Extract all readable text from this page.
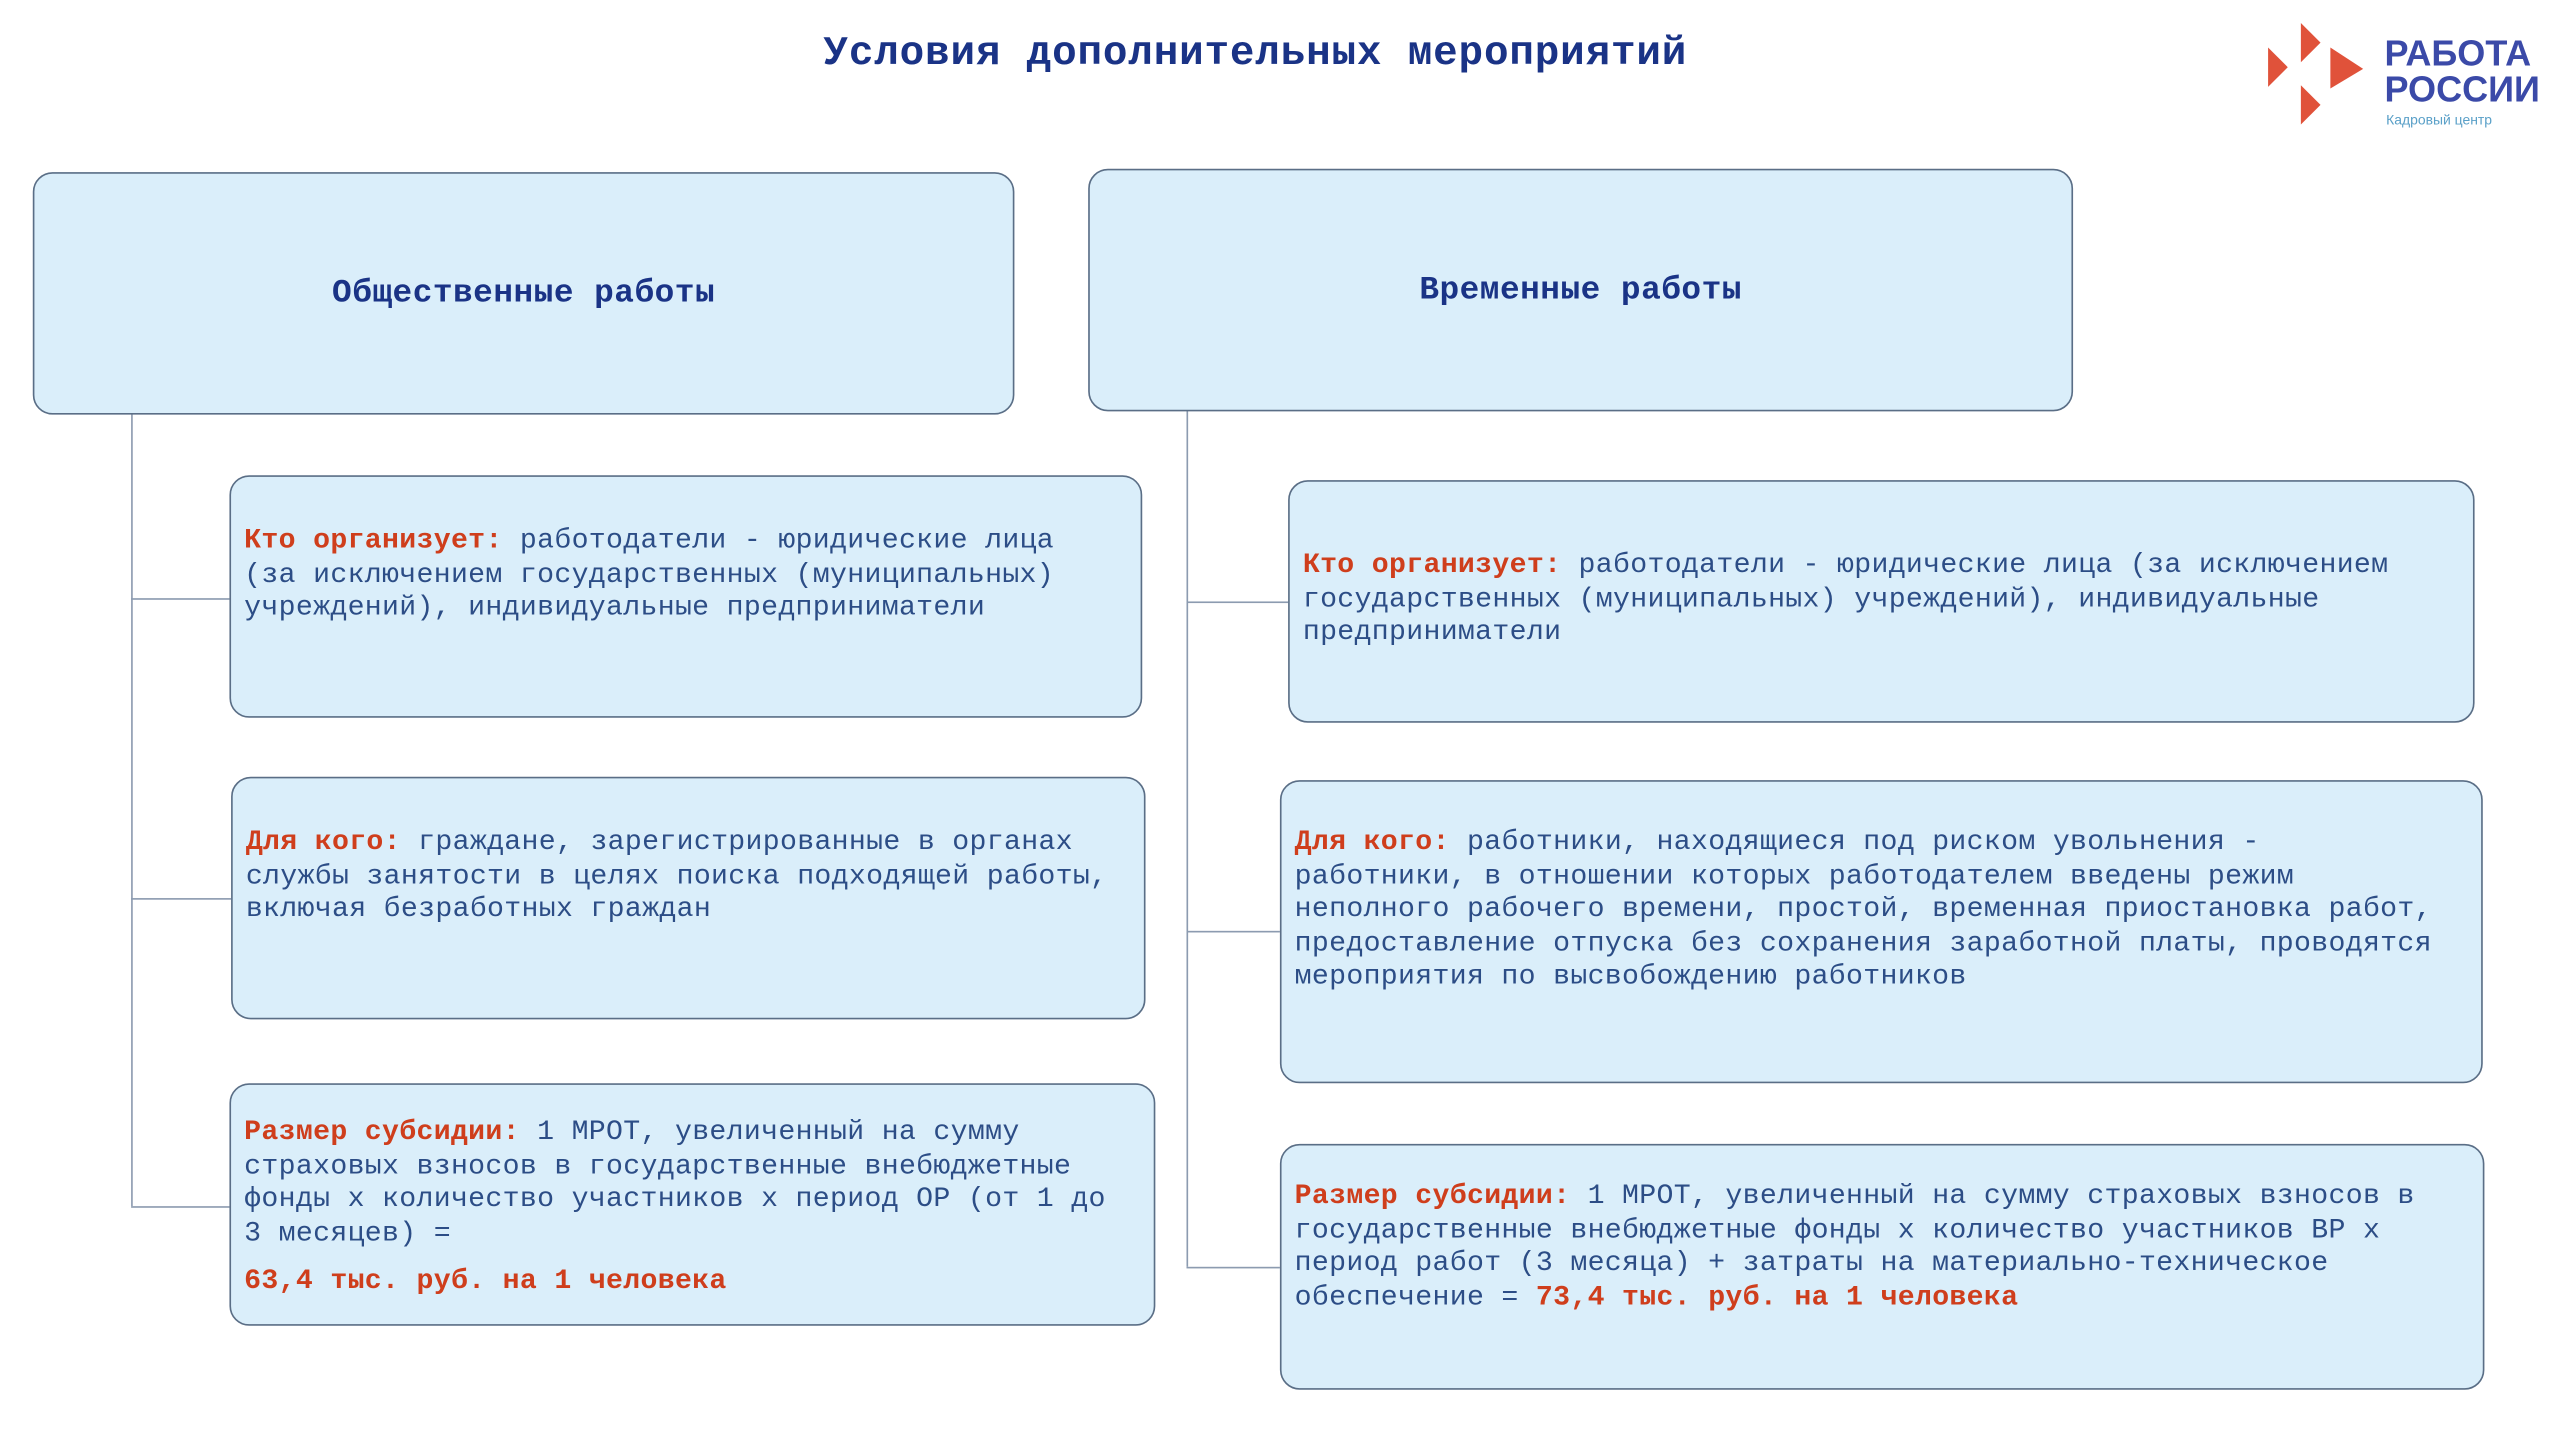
Условия дополнительных мероприятий	РАБОТА
РОССИИ
Кадровый центр
Общественные работы
Кто организует: работодатели - юридические лица (за исключением государственных (муниципальных) учреждений), индивидуальные предприниматели
Для кого: граждане, зарегистрированные в органах службы занятости в целях поиска подходящей работы, включая безработных граждан
Размер субсидии: 1 МРОТ, увеличенный на сумму страховых взносов в государственные внебюджетные фонды х количество участников х период ОР (от 1 до 3 месяцев) =
63,4 тыс. руб. на 1 человека
Временные работы
Кто организует: работодатели - юридические лица (за исключением государственных (муниципальных) учреждений), индивидуальные предприниматели
Для кого: работники, находящиеся под риском увольнения - работники, в отношении которых работодателем введены режим неполного рабочего времени, простой, временная приостановка работ, предоставление отпуска без сохранения заработной платы, проводятся мероприятия по высвобождению работников
Размер субсидии: 1 МРОТ, увеличенный на сумму страховых взносов в государственные внебюджетные фонды х количество участников ВР х период работ (3 месяца) + затраты на материально-техническое обеспечение = 73,4 тыс. руб. на 1 человека
